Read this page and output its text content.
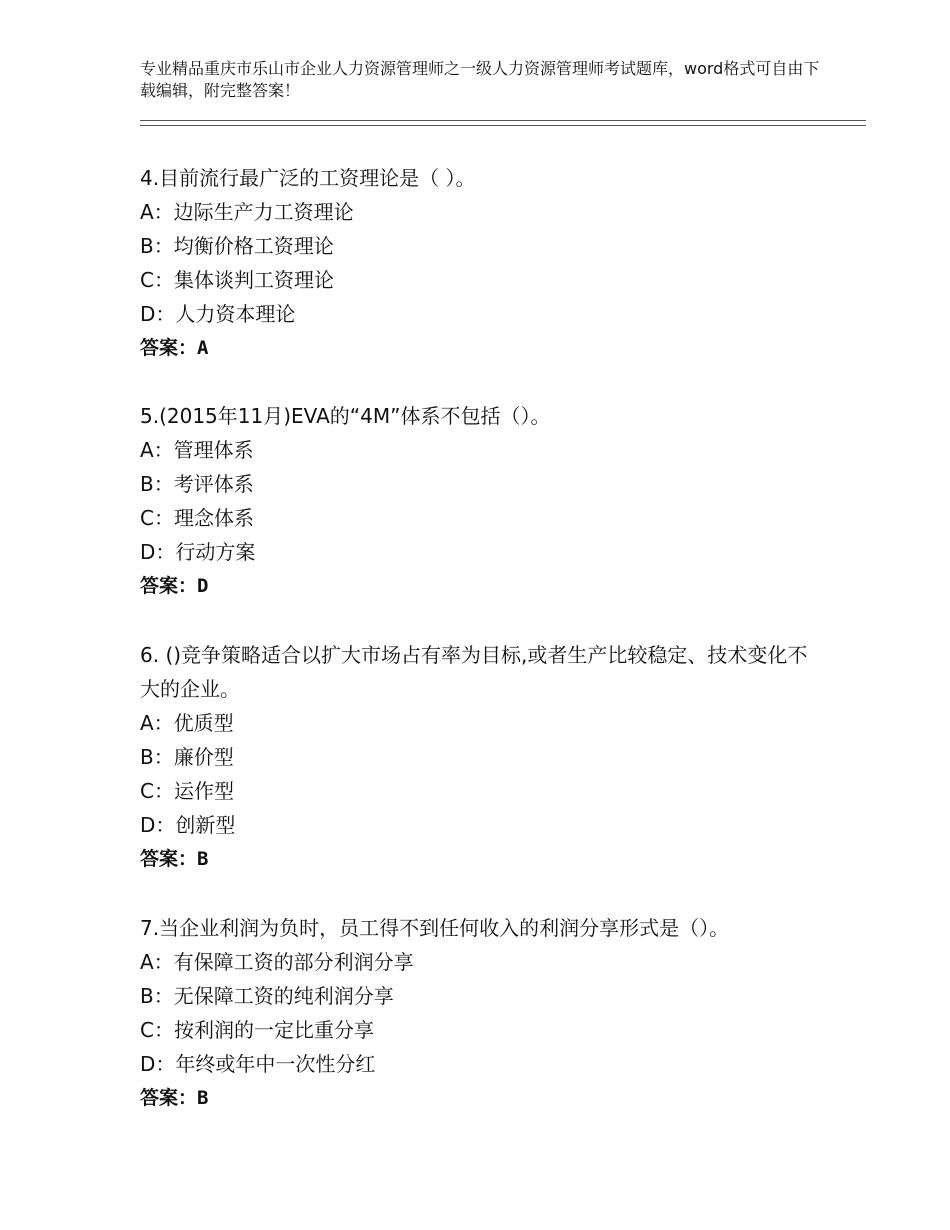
专业精品重庆市乐山市企业人力资源管理师之一级人力资源管理师考试题库，word格式可自由下载编辑，附完整答案！

4.目前流行最广泛的工资理论是（ ）。

A：边际生产力工资理论

B：均衡价格工资理论

C：集体谈判工资理论

D：人力资本理论

答案：A

5.(2015年11月)EVA的“4M”体系不包括（）。

A：管理体系

B：考评体系

C：理念体系

D：行动方案

答案：D

6. ()竞争策略适合以扩大市场占有率为目标,或者生产比较稳定、技术变化不大的企业。

A：优质型

B：廉价型

C：运作型

D：创新型

答案：B

7.当企业利润为负时，员工得不到任何收入的利润分享形式是（）。

A：有保障工资的部分利润分享

B：无保障工资的纯利润分享

C：按利润的一定比重分享

D：年终或年中一次性分红

答案：B
